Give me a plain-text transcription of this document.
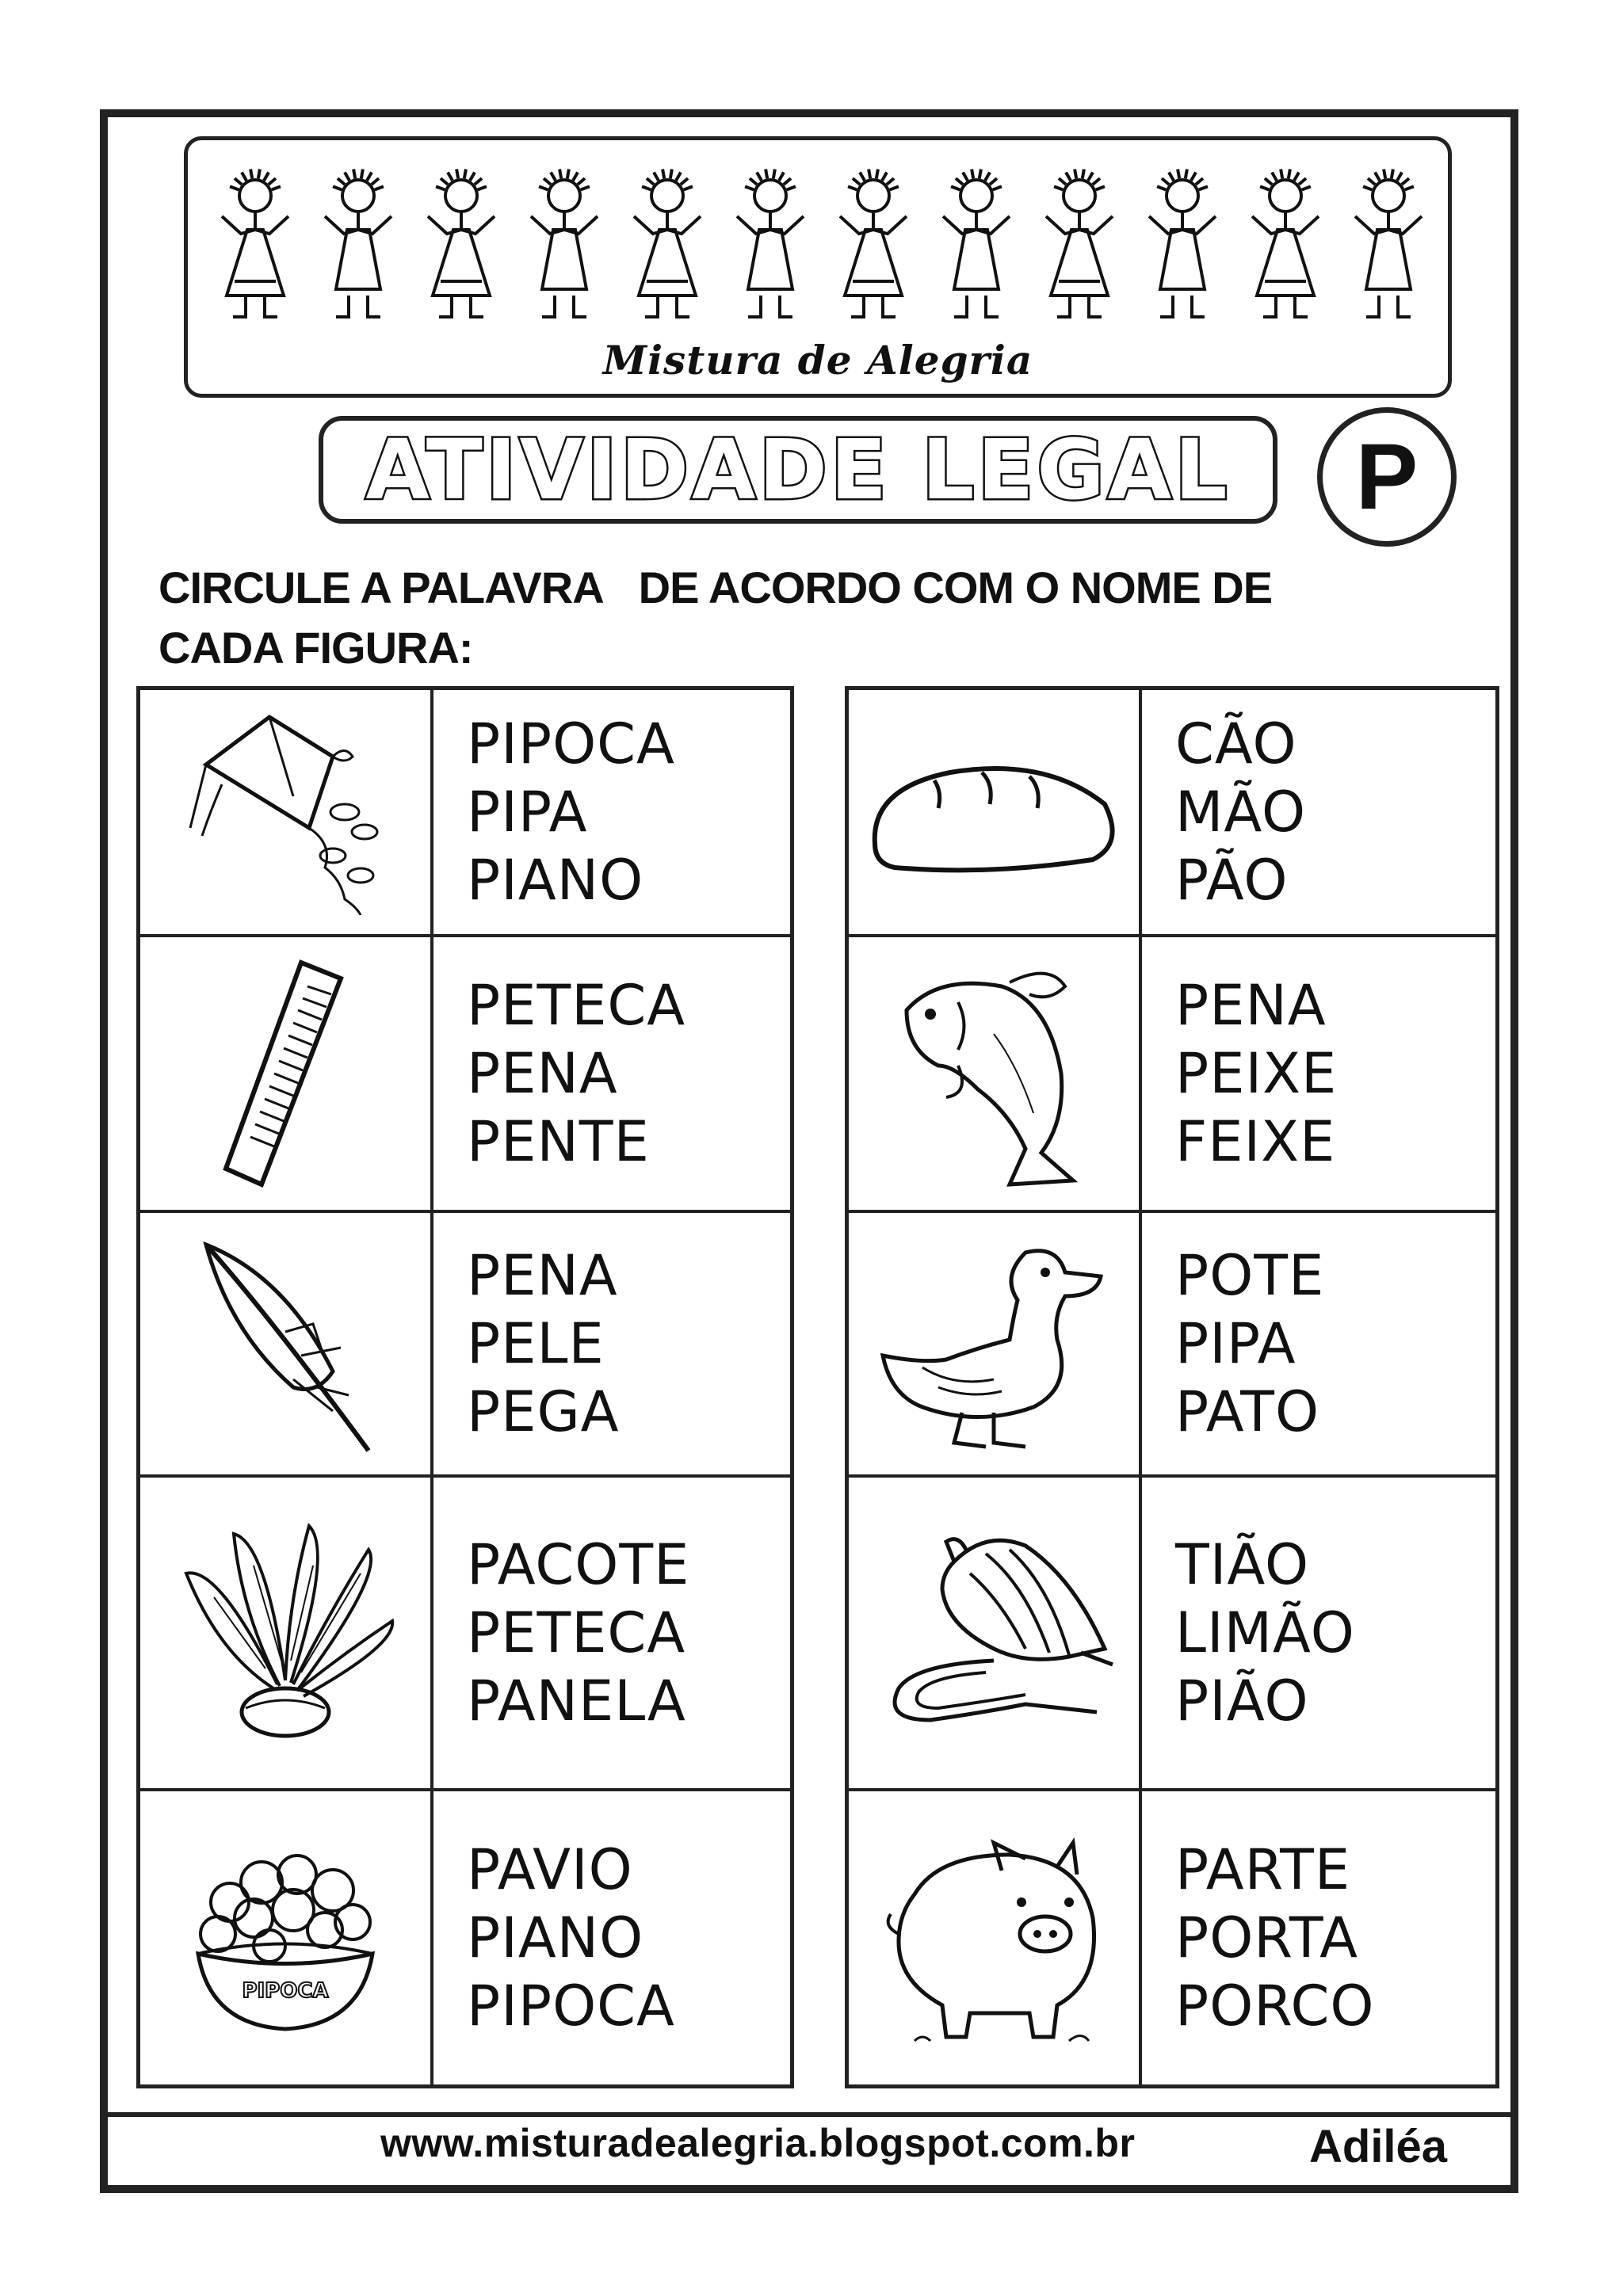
Mistura de Alegria
ATIVIDADE LEGAL	P
CIRCULE A PALAVRA DE ACORDO COM O NOME DE
CADA FIGURA:
PIPOCA
PIPA
PIANO
PETECA
PENA
PENTE
PENA
PELE
PEGA
PACOTE
PETECA
PANELA
PIPOCA
PAVIO
PIANO
PIPOCA
CÃO
MÃO
PÃO
PENA
PEIXE
FEIXE
POTE
PIPA
PATO
TIÃO
LIMÃO
PIÃO
PARTE
PORTA
PORCO
www.misturadealegria.blogspot.com.br	Adiléa
